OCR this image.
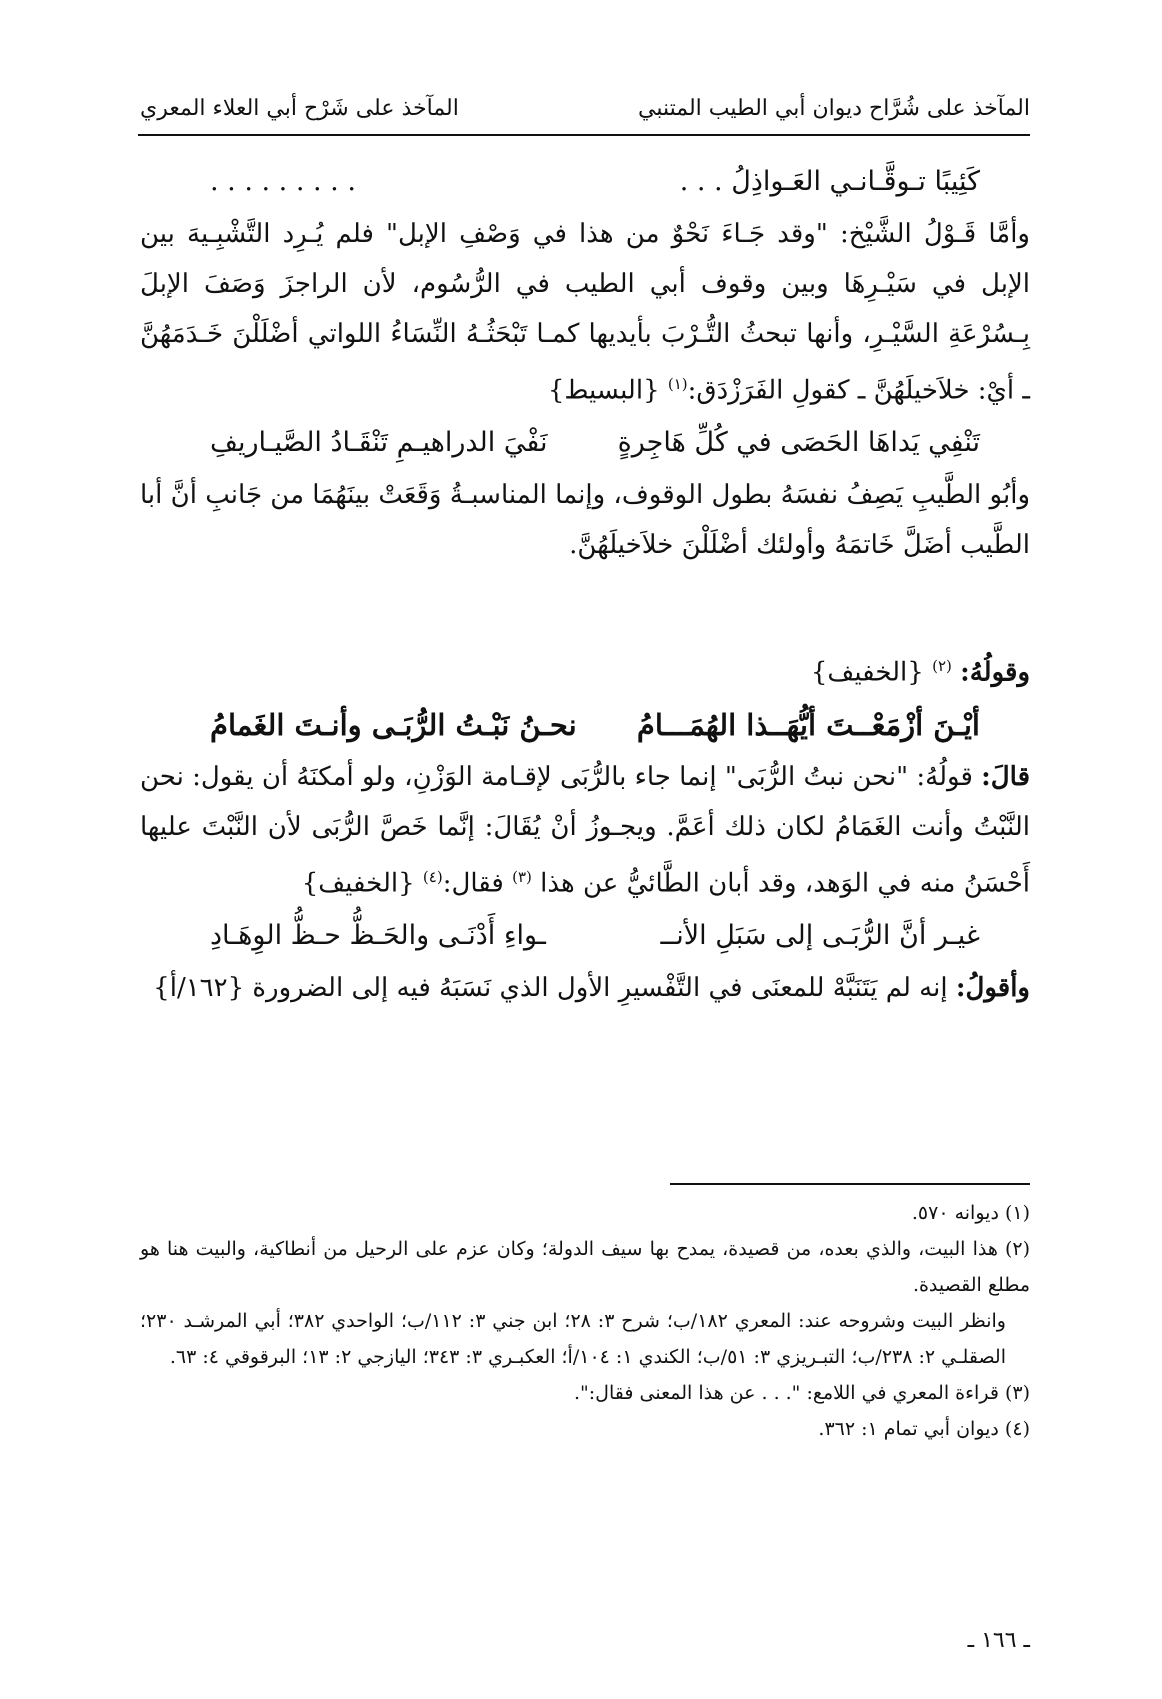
المآخذ على شُرَّاح ديوان أبي الطيب المتنبي
المآخذ على شَرْح أبي العلاء المعري
كَئِيبًا تـوقَّـانـي العَـواذِلُ . . .
. . . . . . . . .

وأمَّا قَـوْلُ الشَّيْخ: "وقد جَـاءَ نَحْوٌ من هذا في وَصْفِ الإبل" فلم يُـرِد التَّشْبِـيهَ بين الإبل في سَيْـرِهَا وبين وقوف أبي الطيب في الرُّسُوم، لأن الراجزَ وَصَفَ الإبلَ بِـسُرْعَةِ السَّيْـرِ، وأنها تبحثُ التُّـرْبَ بأيديها كمـا تَبْحَثُـهُ النِّسَاءُ اللواتي أضْلَلْنَ خَـدَمَهُنَّ ـ أيْ: خلاَخيلَهُنَّ ـ كقولِ الفَرَزْدَق:$^{(١)}$ {البسيط}

تَنْفِي يَداهَا الحَصَى في كُلِّ هَاجِرةٍ
نَفْيَ الدراهيـمِ تَنْقَـادُ الصَّيـاريفِ

وأبُو الطَّيبِ يَصِفُ نفسَهُ بطول الوقوف، وإنما المناسبـةُ وَقَعَتْ بينَهُمَا من جَانبِ أنَّ أبا الطَّيب أضَلَّ خَاتمَهُ وأولئك أضْلَلْنَ خلاَخيلَهُنَّ.

وقولُهُ: $^{(٢)}$ {الخفيف}

أيْـنَ أزْمَعْــتَ أيُّهَــذا الهُمَـــامُ
نحـنُ نَبْـتُ الرُّبَـى وأنـتَ الغَمامُ

قالَ: قولُهُ: "نحن نبتُ الرُّبَى" إنما جاء بالرُّبَى لإقـامة الوَزْنِ، ولو أمكنَهُ أن يقول: نحن النَّبْتُ وأنت الغَمَامُ لكان ذلك أعَمَّ. ويجـوزُ أنْ يُقَالَ: إنَّما خَصَّ الرُّبَى لأن النَّبْتَ عليها أَحْسَنُ منه في الوَهد، وقد أبان الطَّائيُّ عن هذا $^{(٣)}$ فقال:$^{(٤)}$ {الخفيف}

غيـر أنَّ الرُّبَـى إلى سَبَلِ الأنــ
ـواءِ أَدْنَـى والحَـظُّ حـظُّ الوِهَـادِ

وأقولُ: إنه لم يَتَنَبَّهْ للمعنَى في التَّفْسيرِ الأول الذي نَسَبَهُ فيه إلى الضرورة {١٦٢/أ}

(١) ديوانه ٥٧٠.

(٢) هذا البيت، والذي بعده، من قصيدة، يمدح بها سيف الدولة؛ وكان عزم على الرحيل من أنطاكية، والبيت هنا هو مطلع القصيدة.

وانظر البيت وشروحه عند: المعري ١٨٢/ب؛ شرح ٣: ٢٨؛ ابن جني ٣: ١١٢/ب؛ الواحدي ٣٨٢؛ أبي المرشـد ٢٣٠؛ الصقلـي ٢: ٢٣٨/ب؛ التبـريزي ٣: ٥١/ب؛ الكندي ١: ١٠٤/أ؛ العكبـري ٣: ٣٤٣؛ اليازجي ٢: ١٣؛ البرقوقي ٤: ٦٣.

(٣) قراءة المعري في اللامع: ". . . عن هذا المعنى فقال:".

(٤) ديوان أبي تمام ١: ٣٦٢.

ـ ١٦٦ ـ
